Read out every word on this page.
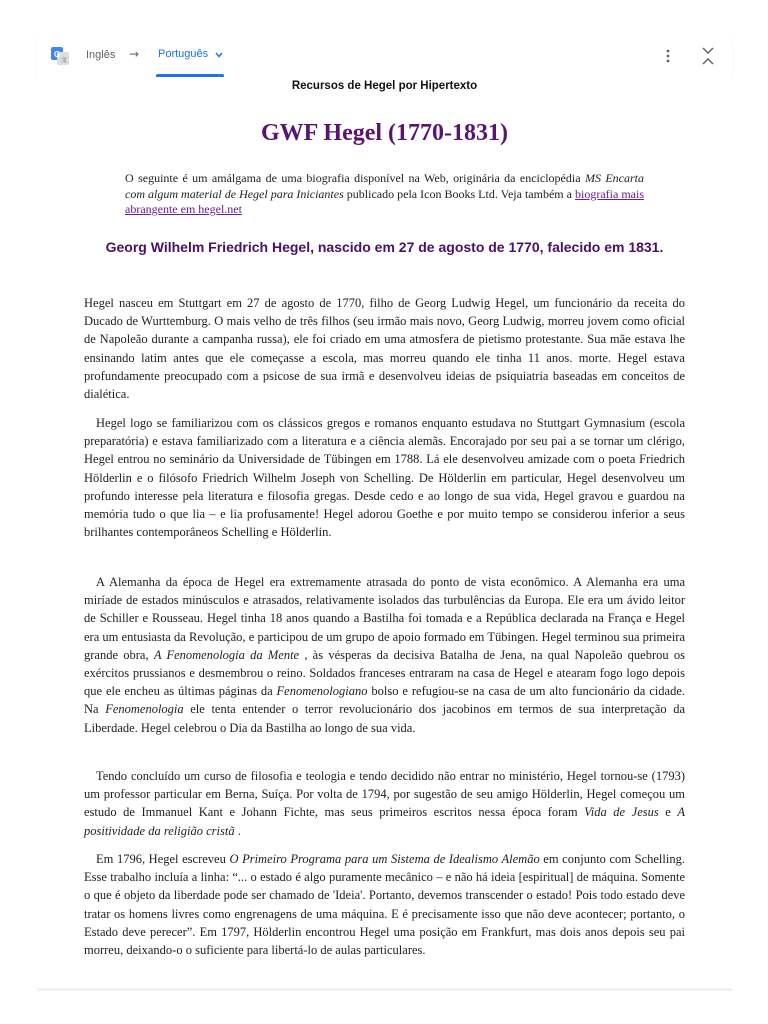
G
文 Inglês → Português
Recursos de Hegel por Hipertexto
GWF Hegel (1770-1831)
O seguinte é um amálgama de uma biografia disponível na Web, originária da enciclopédia MS Encarta com algum material de Hegel para Iniciantes publicado pela Icon Books Ltd. Veja também a biografia mais abrangente em hegel.net
Georg Wilhelm Friedrich Hegel, nascido em 27 de agosto de 1770, falecido em 1831.

Hegel nasceu em Stuttgart em 27 de agosto de 1770, filho de Georg Ludwig Hegel, um funcionário da receita do Ducado de Wurttemburg. O mais velho de três filhos (seu irmão mais novo, Georg Ludwig, morreu jovem como oficial de Napoleão durante a campanha russa), ele foi criado em uma atmosfera de pietismo protestante. Sua mãe estava lhe ensinando latim antes que ele começasse a escola, mas morreu quando ele tinha 11 anos. morte. Hegel estava profundamente preocupado com a psicose de sua irmã e desenvolveu ideias de psiquiatria baseadas em conceitos de dialética.

Hegel logo se familiarizou com os clássicos gregos e romanos enquanto estudava no Stuttgart Gymnasium (escola preparatória) e estava familiarizado com a literatura e a ciência alemãs. Encorajado por seu pai a se tornar um clérigo, Hegel entrou no seminário da Universidade de Tübingen em 1788. Lá ele desenvolveu amizade com o poeta Friedrich Hölderlin e o filósofo Friedrich Wilhelm Joseph von Schelling. De Hölderlin em particular, Hegel desenvolveu um profundo interesse pela literatura e filosofia gregas. Desde cedo e ao longo de sua vida, Hegel gravou e guardou na memória tudo o que lia – e lia profusamente! Hegel adorou Goethe e por muito tempo se considerou inferior a seus brilhantes contemporâneos Schelling e Hölderlin.

A Alemanha da época de Hegel era extremamente atrasada do ponto de vista econômico. A Alemanha era uma miríade de estados minúsculos e atrasados, relativamente isolados das turbulências da Europa. Ele era um ávido leitor de Schiller e Rousseau. Hegel tinha 18 anos quando a Bastilha foi tomada e a República declarada na França e Hegel era um entusiasta da Revolução, e participou de um grupo de apoio formado em Tübingen. Hegel terminou sua primeira grande obra, A Fenomenologia da Mente , às vésperas da decisiva Batalha de Jena, na qual Napoleão quebrou os exércitos prussianos e desmembrou o reino. Soldados franceses entraram na casa de Hegel e atearam fogo logo depois que ele encheu as últimas páginas da Fenomenologiano bolso e refugiou-se na casa de um alto funcionário da cidade. Na Fenomenologia ele tenta entender o terror revolucionário dos jacobinos em termos de sua interpretação da Liberdade. Hegel celebrou o Dia da Bastilha ao longo de sua vida.

Tendo concluído um curso de filosofia e teologia e tendo decidido não entrar no ministério, Hegel tornou-se (1793) um professor particular em Berna, Suíça. Por volta de 1794, por sugestão de seu amigo Hölderlin, Hegel começou um estudo de Immanuel Kant e Johann Fichte, mas seus primeiros escritos nessa época foram Vida de Jesus e A positividade da religião cristã .

Em 1796, Hegel escreveu O Primeiro Programa para um Sistema de Idealismo Alemão em conjunto com Schelling. Esse trabalho incluía a linha: “... o estado é algo puramente mecânico – e não há ideia [espiritual] de máquina. Somente o que é objeto da liberdade pode ser chamado de 'Ideia'. Portanto, devemos transcender o estado! Pois todo estado deve tratar os homens livres como engrenagens de uma máquina. E é precisamente isso que não deve acontecer; portanto, o Estado deve perecer”. Em 1797, Hölderlin encontrou Hegel uma posição em Frankfurt, mas dois anos depois seu pai morreu, deixando-o o suficiente para libertá-lo de aulas particulares.
